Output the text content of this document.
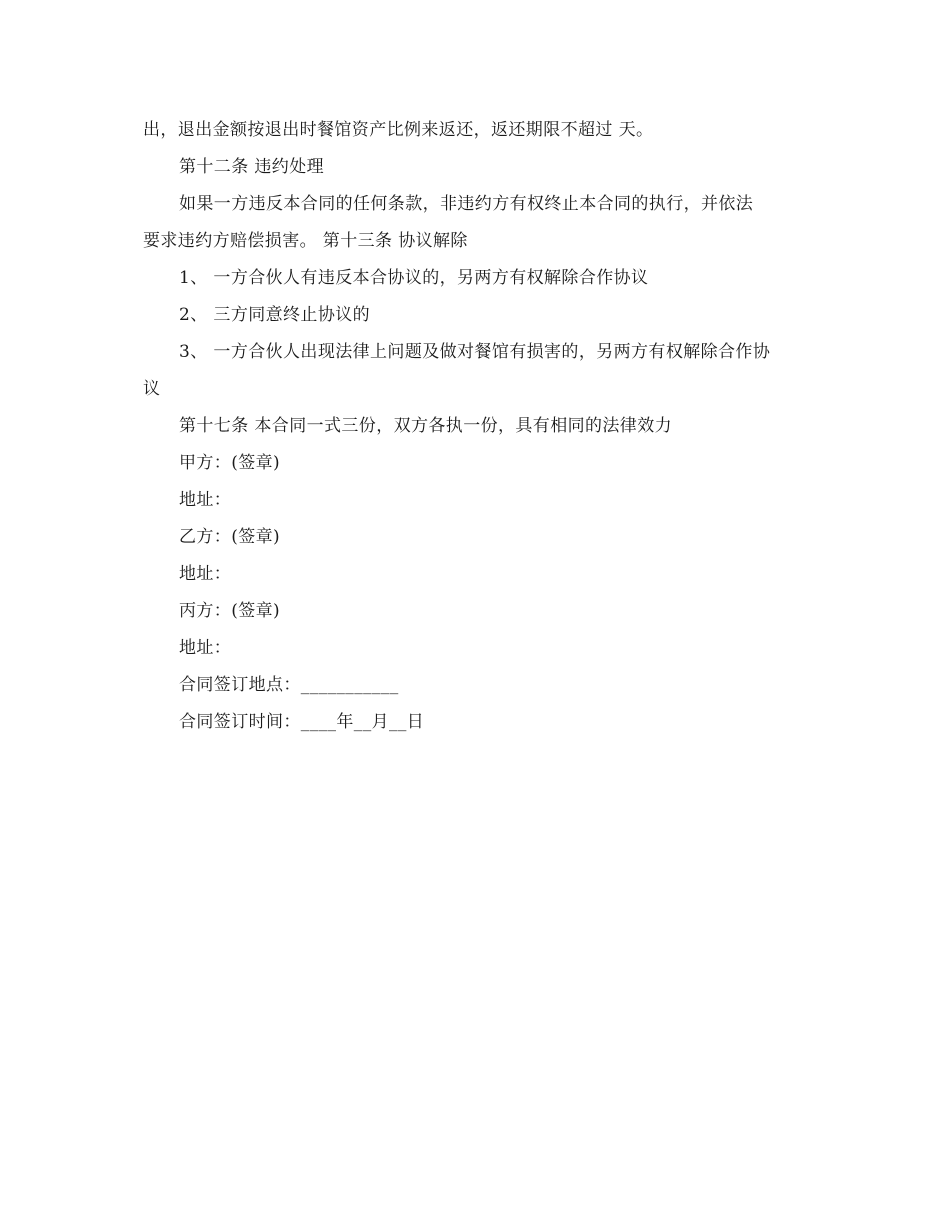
出，退出金额按退出时餐馆资产比例来返还，返还期限不超过 天。
第十二条 违约处理
如果一方违反本合同的任何条款，非违约方有权终止本合同的执行，并依法
要求违约方赔偿损害。 第十三条 协议解除
1、 一方合伙人有违反本合协议的，另两方有权解除合作协议
2、 三方同意终止协议的
3、 一方合伙人出现法律上问题及做对餐馆有损害的，另两方有权解除合作协
议
第十七条 本合同一式三份，双方各执一份，具有相同的法律效力
甲方：(签章)
地址：
乙方：(签章)
地址：
丙方：(签章)
地址：
合同签订地点：___________
合同签订时间：____年__月__日
